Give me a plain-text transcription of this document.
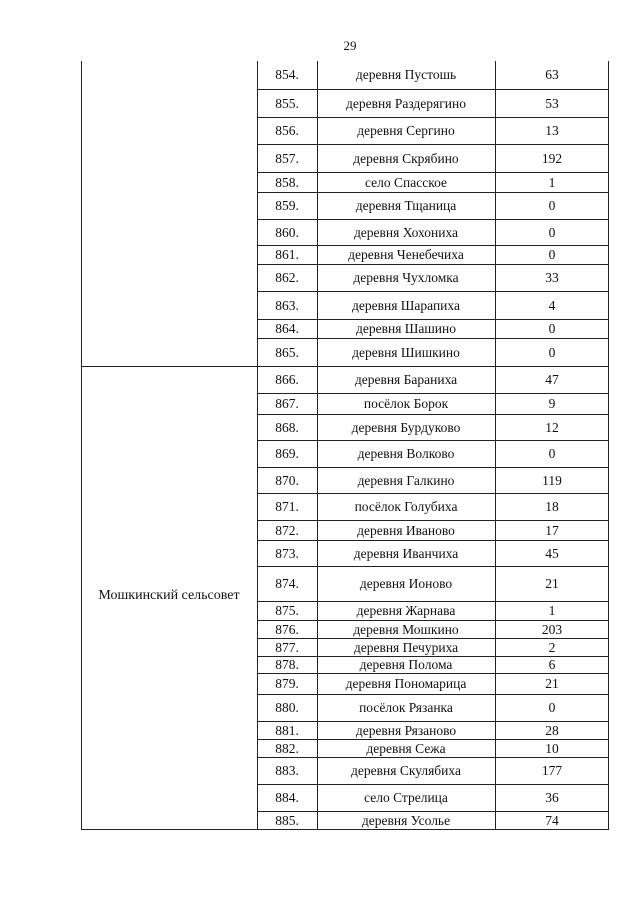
29
Мошкинский сельсовет
854.	деревня Пустошь	63
855.	деревня Раздерягино	53
856.	деревня Сергино	13
857.	деревня Скрябино	192
858.	село Спасское	1
859.	деревня Тщаница	0
860.	деревня Хохониха	0
861.	деревня Ченебечиха	0
862.	деревня Чухломка	33
863.	деревня Шарапиха	4
864.	деревня Шашино	0
865.	деревня Шишкино	0
866.	деревня Бараниха	47
867.	посёлок Борок	9
868.	деревня Бурдуково	12
869.	деревня Волково	0
870.	деревня Галкино	119
871.	посёлок Голубиха	18
872.	деревня Иваново	17
873.	деревня Иванчиха	45
874.	деревня Ионово	21
875.	деревня Жарнава	1
876.	деревня Мошкино	203
877.	деревня Печуриха	2
878.	деревня Полома	6
879.	деревня Пономарица	21
880.	посёлок Рязанка	0
881.	деревня Рязаново	28
882.	деревня Сежа	10
883.	деревня Скулябиха	177
884.	село Стрелица	36
885.	деревня Усолье	74
